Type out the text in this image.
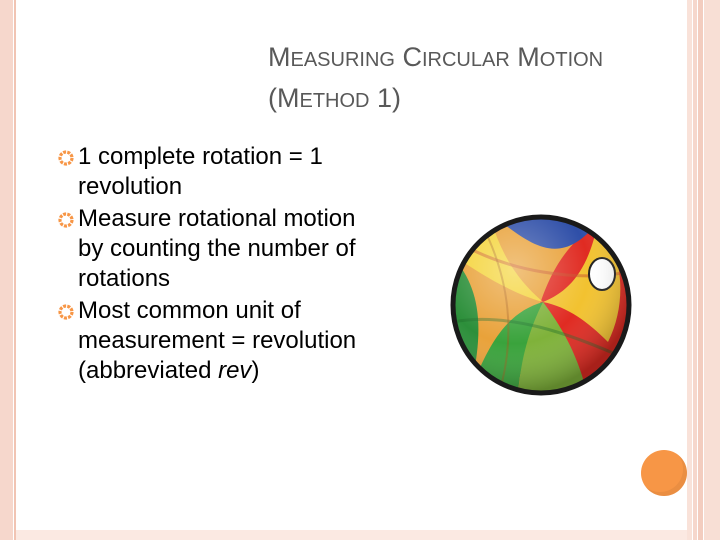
MEASURING CIRCULAR MOTION
(METHOD 1)
1 complete rotation = 1 revolution
Measure rotational motion by counting the number of rotations
Most common unit of measurement = revolution (abbreviated rev)
